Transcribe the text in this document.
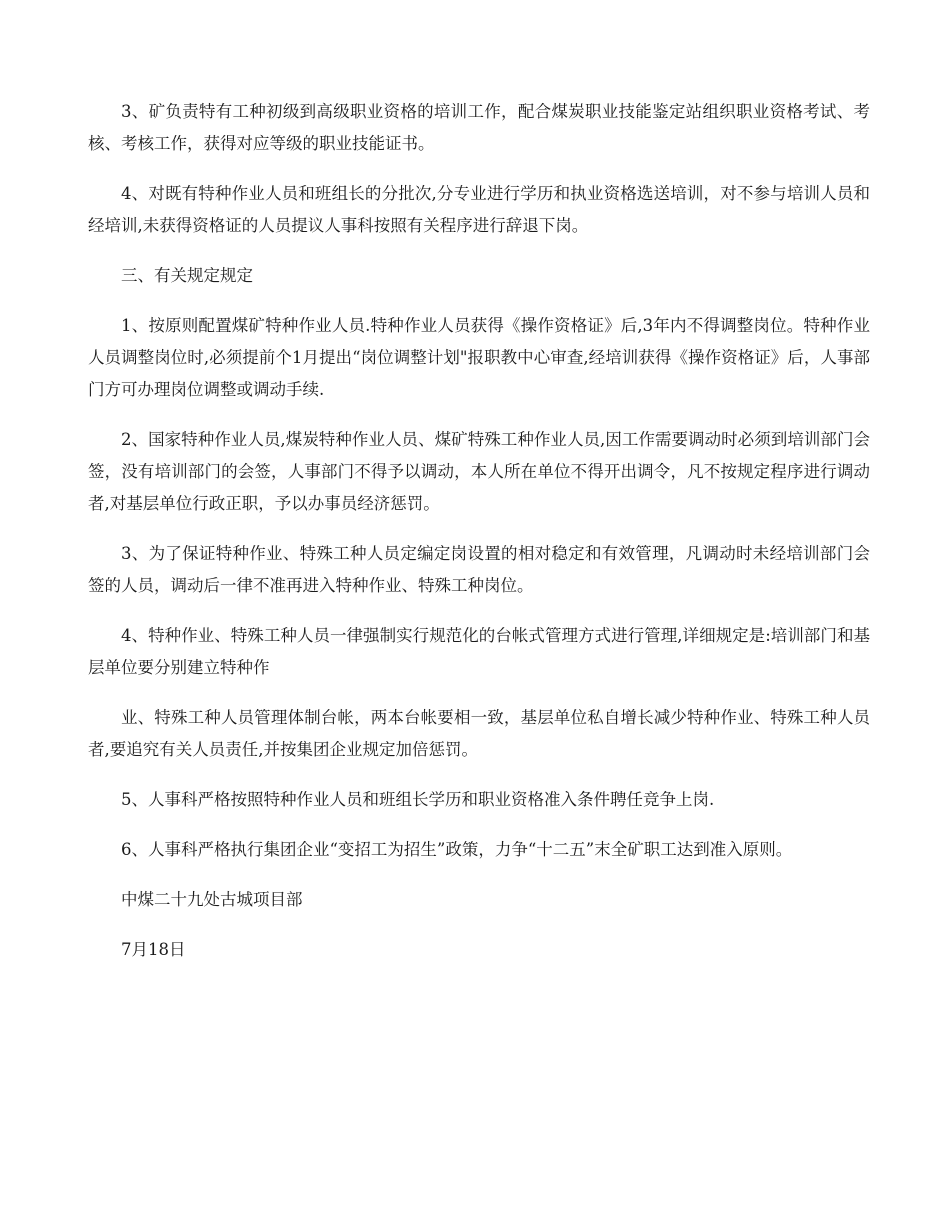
3、矿负责特有工种初级到高级职业资格的培训工作，配合煤炭职业技能鉴定站组织职业资格考试、考核、考核工作，获得对应等级的职业技能证书。

4、对既有特种作业人员和班组长的分批次,分专业进行学历和执业资格选送培训，对不参与培训人员和经培训,未获得资格证的人员提议人事科按照有关程序进行辞退下岗。

三、有关规定规定

1、按原则配置煤矿特种作业人员.特种作业人员获得《操作资格证》后,3年内不得调整岗位。特种作业人员调整岗位时,必须提前个1月提出“岗位调整计划"报职教中心审查,经培训获得《操作资格证》后，人事部门方可办理岗位调整或调动手续.

2、国家特种作业人员,煤炭特种作业人员、煤矿特殊工种作业人员,因工作需要调动时必须到培训部门会签，没有培训部门的会签，人事部门不得予以调动，本人所在单位不得开出调令，凡不按规定程序进行调动者,对基层单位行政正职，予以办事员经济惩罚。

3、为了保证特种作业、特殊工种人员定编定岗设置的相对稳定和有效管理，凡调动时未经培训部门会签的人员，调动后一律不准再进入特种作业、特殊工种岗位。

4、特种作业、特殊工种人员一律强制实行规范化的台帐式管理方式进行管理,详细规定是:培训部门和基层单位要分别建立特种作

业、特殊工种人员管理体制台帐，两本台帐要相一致，基层单位私自增长减少特种作业、特殊工种人员者,要追究有关人员责任,并按集团企业规定加倍惩罚。

5、人事科严格按照特种作业人员和班组长学历和职业资格准入条件聘任竞争上岗.

6、人事科严格执行集团企业“变招工为招生”政策，力争“十二五”末全矿职工达到准入原则。

中煤二十九处古城项目部

7月18日
